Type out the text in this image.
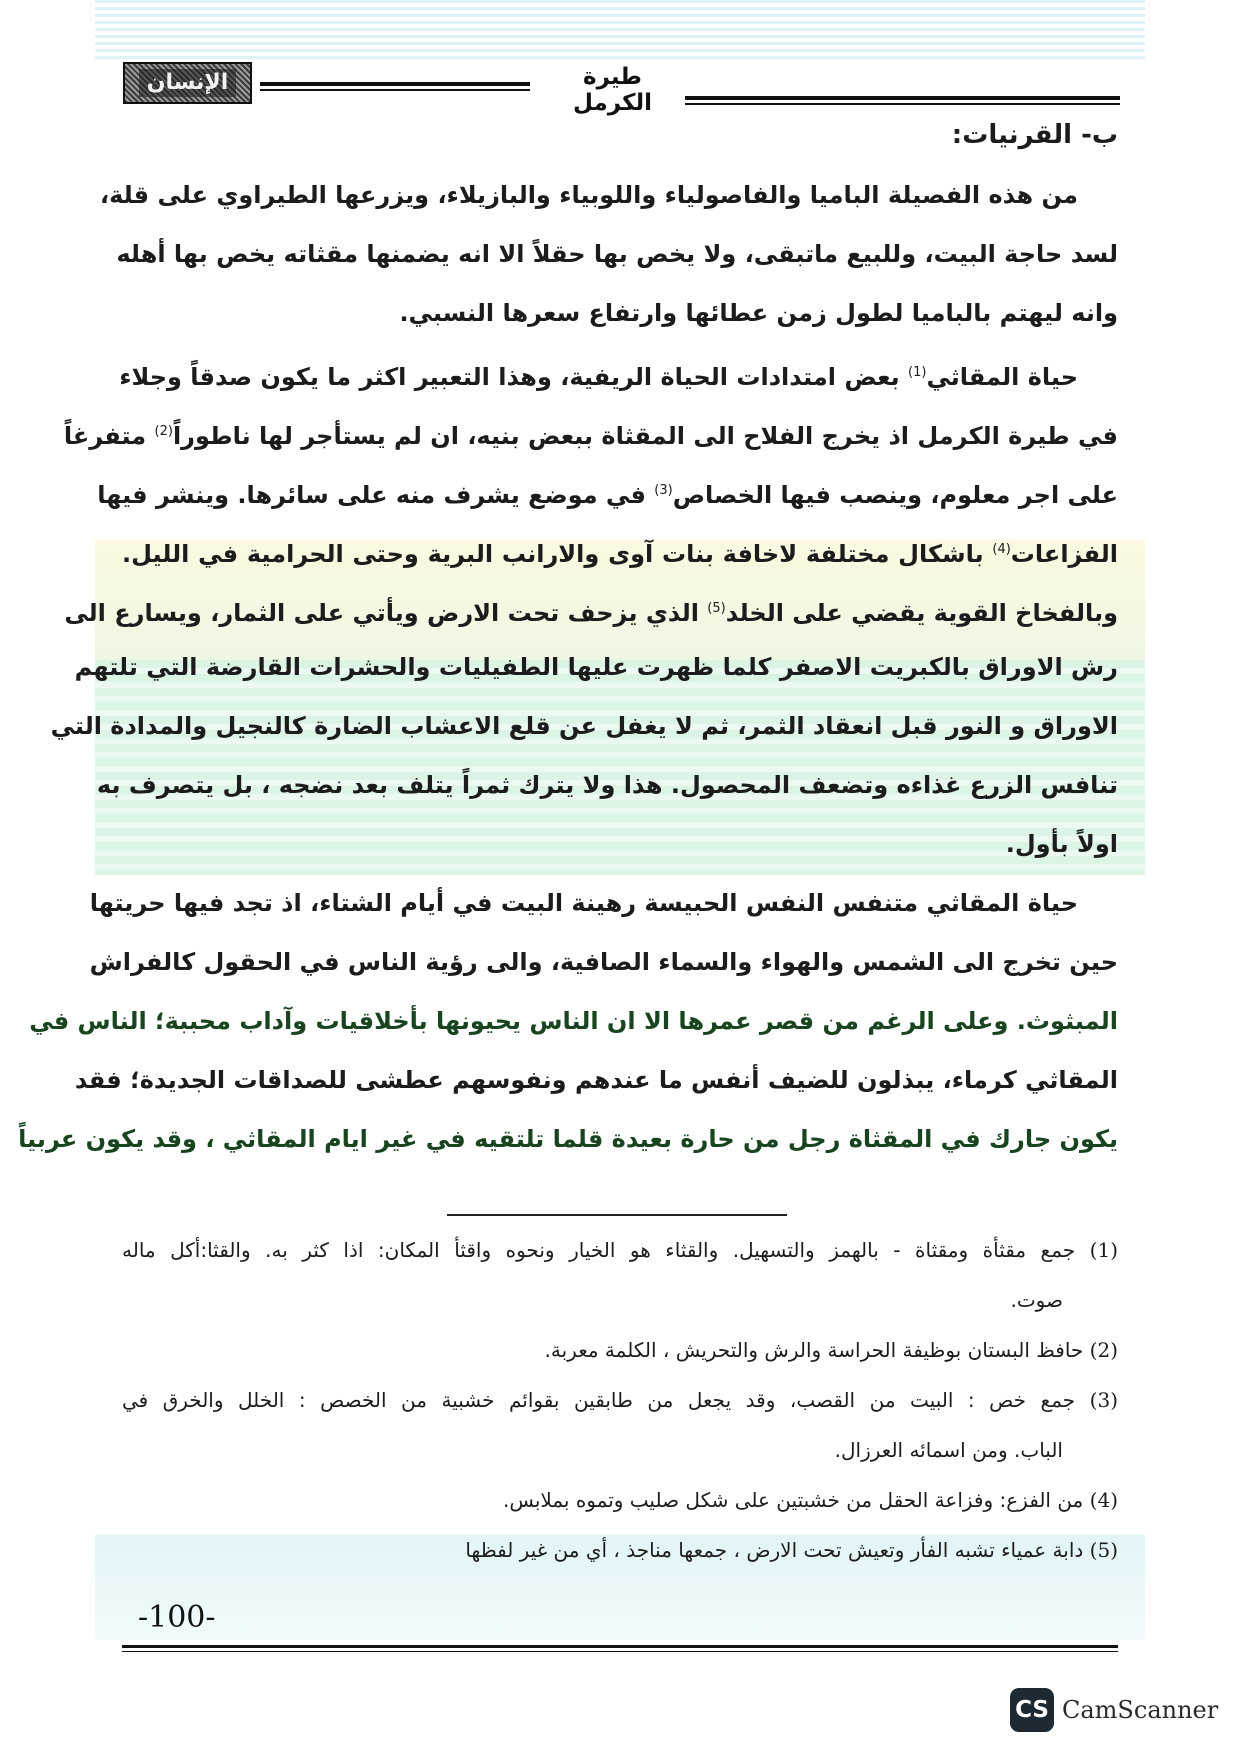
الإنسان	طيرة الكرمل
ب- القرنيات:

من هذه الفصيلة الباميا والفاصولياء واللوبياء والبازيلاء، ويزرعها الطيراوي على قلة،

لسد حاجة البيت، وللبيع ماتبقى، ولا يخص بها حقلاً الا انه يضمنها مقثاته يخص بها أهله

وانه ليهتم بالباميا لطول زمن عطائها وارتفاع سعرها النسبي.

حياة المقاثي$^{(1)}$ بعض امتدادات الحياة الريفية، وهذا التعبير اكثر ما يكون صدقاً وجلاء

في طيرة الكرمل اذ يخرج الفلاح الى المقثاة ببعض بنيه، ان لم يستأجر لها ناطوراً$^{(2)}$ متفرغاً

على اجر معلوم، وينصب فيها الخصاص$^{(3)}$ في موضع يشرف منه على سائرها. وينشر فيها

الفزاعات$^{(4)}$ باشكال مختلفة لاخافة بنات آوى والارانب البرية وحتى الحرامية في الليل.

وبالفخاخ القوية يقضي على الخلد$^{(5)}$ الذي يزحف تحت الارض ويأتي على الثمار، ويسارع الى

رش الاوراق بالكبريت الاصفر كلما ظهرت عليها الطفيليات والحشرات القارضة التي تلتهم

الاوراق و النور قبل انعقاد الثمر، ثم لا يغفل عن قلع الاعشاب الضارة كالنجيل والمدادة التي

تنافس الزرع غذاءه وتضعف المحصول. هذا ولا يترك ثمراً يتلف بعد نضجه ، بل يتصرف به

اولاً بأول.

حياة المقاثي متنفس النفس الحبيسة رهينة البيت في أيام الشتاء، اذ تجد فيها حريتها

حين تخرج الى الشمس والهواء والسماء الصافية، والى رؤية الناس في الحقول كالفراش

المبثوث. وعلى الرغم من قصر عمرها الا ان الناس يحيونها بأخلاقيات وآداب محببة؛ الناس في

المقاثي كرماء، يبذلون للضيف أنفس ما عندهم ونفوسهم عطشى للصداقات الجديدة؛ فقد

يكون جارك في المقثاة رجل من حارة بعيدة قلما تلتقيه في غير ايام المقاثي ، وقد يكون عربياً

(1) جمع مقثأة ومقثاة - بالهمز والتسهيل. والقثاء هو الخيار ونحوه واقثأ المكان: اذا كثر به. والقثا:أكل ماله
صوت.
(2) حافظ البستان بوظيفة الحراسة والرش والتحريش ، الكلمة معربة.
(3) جمع خص : البيت من القصب، وقد يجعل من طابقين بقوائم خشبية من الخصص : الخلل والخرق في
الباب. ومن اسمائه العرزال.
(4) من الفزع: وفزاعة الحقل من خشبتين على شكل صليب وتموه بملابس.
(5) دابة عمياء تشبه الفأر وتعيش تحت الارض ، جمعها مناجذ ، أي من غير لفظها
-100-
CS CamScanner
